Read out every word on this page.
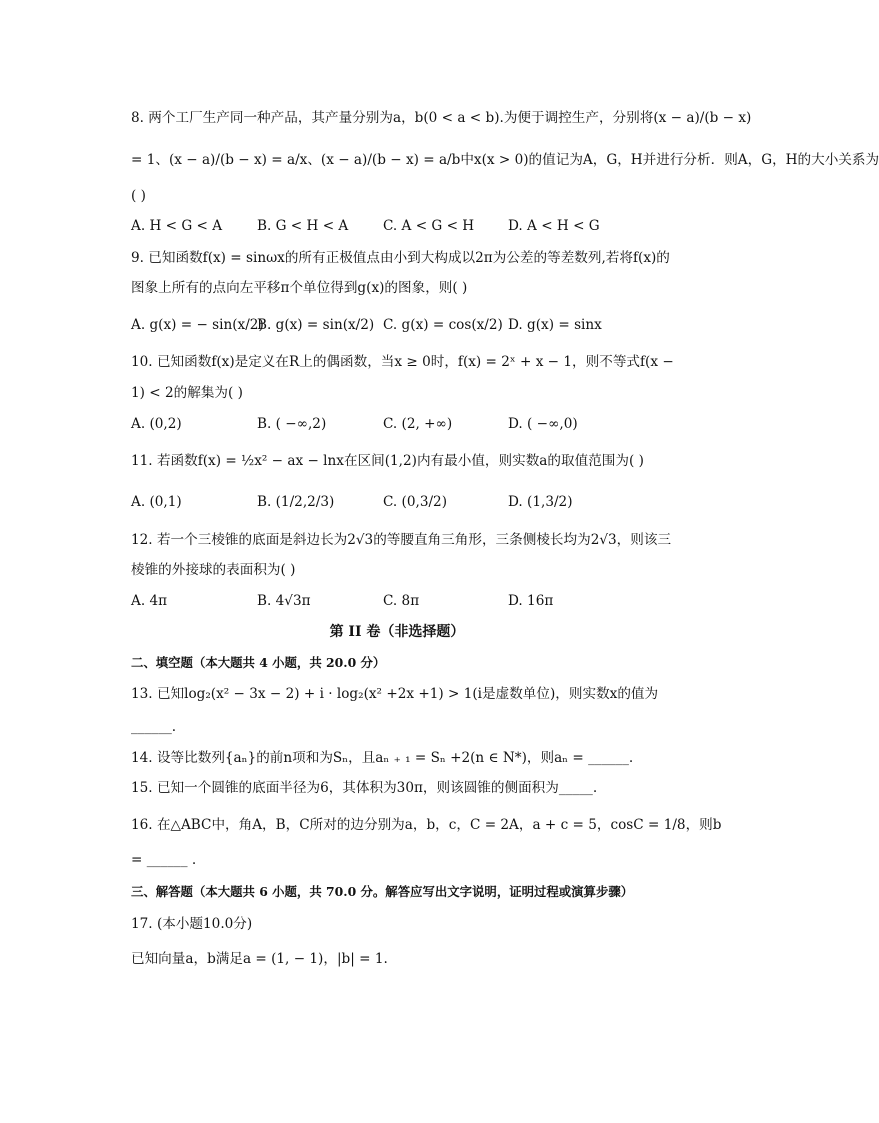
8. 两个工厂生产同一种产品，其产量分别为a，b(0 < a < b).为便于调控生产，分别将(x − a)/(b − x)
= 1、(x − a)/(b − x) = a/x、(x − a)/(b − x) = a/b中x(x > 0)的值记为A，G，H并进行分析．则A，G，H的大小关系为
( )
A. H < G < A	B. G < H < A	C. A < G < H D. A < H < G
9. 已知函数f(x) = sinωx的所有正极值点由小到大构成以2π为公差的等差数列,若将f(x)的
图象上所有的点向左平移π个单位得到g(x)的图象，则( )
A. g(x) = − sin(x/2)
B. g(x) = sin(x/2) C. g(x) = cos(x/2) D. g(x) = sinx
10. 已知函数f(x)是定义在R上的偶函数，当x ≥ 0时，f(x) = 2ˣ + x − 1，则不等式f(x −
1) < 2的解集为( )
A. (0,2)	B. ( −∞,2)	C. (2, +∞)	D. ( −∞,0)
11. 若函数f(x) = ½x² − ax − lnx在区间(1,2)内有最小值，则实数a的取值范围为( )
A. (0,1)	B. (1/2,2/3)	C. (0,3/2)	D. (1,3/2)
12. 若一个三棱锥的底面是斜边长为2√3的等腰直角三角形，三条侧棱长均为2√3，则该三
棱锥的外接球的表面积为( )
A. 4π	B. 4√3π	C. 8π	D. 16π
第 II 卷（非选择题）
二、填空题（本大题共 4 小题，共 20.0 分）
13. 已知log₂(x² − 3x − 2) + i · log₂(x² +2x +1) > 1(i是虚数单位)，则实数x的值为
______.
14. 设等比数列{aₙ}的前n项和为Sₙ，且aₙ ₊ ₁ = Sₙ +2(n ∈ N*)，则aₙ = ______.
15. 已知一个圆锥的底面半径为6，其体积为30π，则该圆锥的侧面积为_____.
16. 在△ABC中，角A，B，C所对的边分别为a，b，c，C = 2A，a + c = 5，cosC = 1/8，则b
= ______ .
三、解答题（本大题共 6 小题，共 70.0 分。解答应写出文字说明，证明过程或演算步骤）
17. (本小题10.0分)
已知向量a，b满足a = (1, − 1)，|b| = 1.
